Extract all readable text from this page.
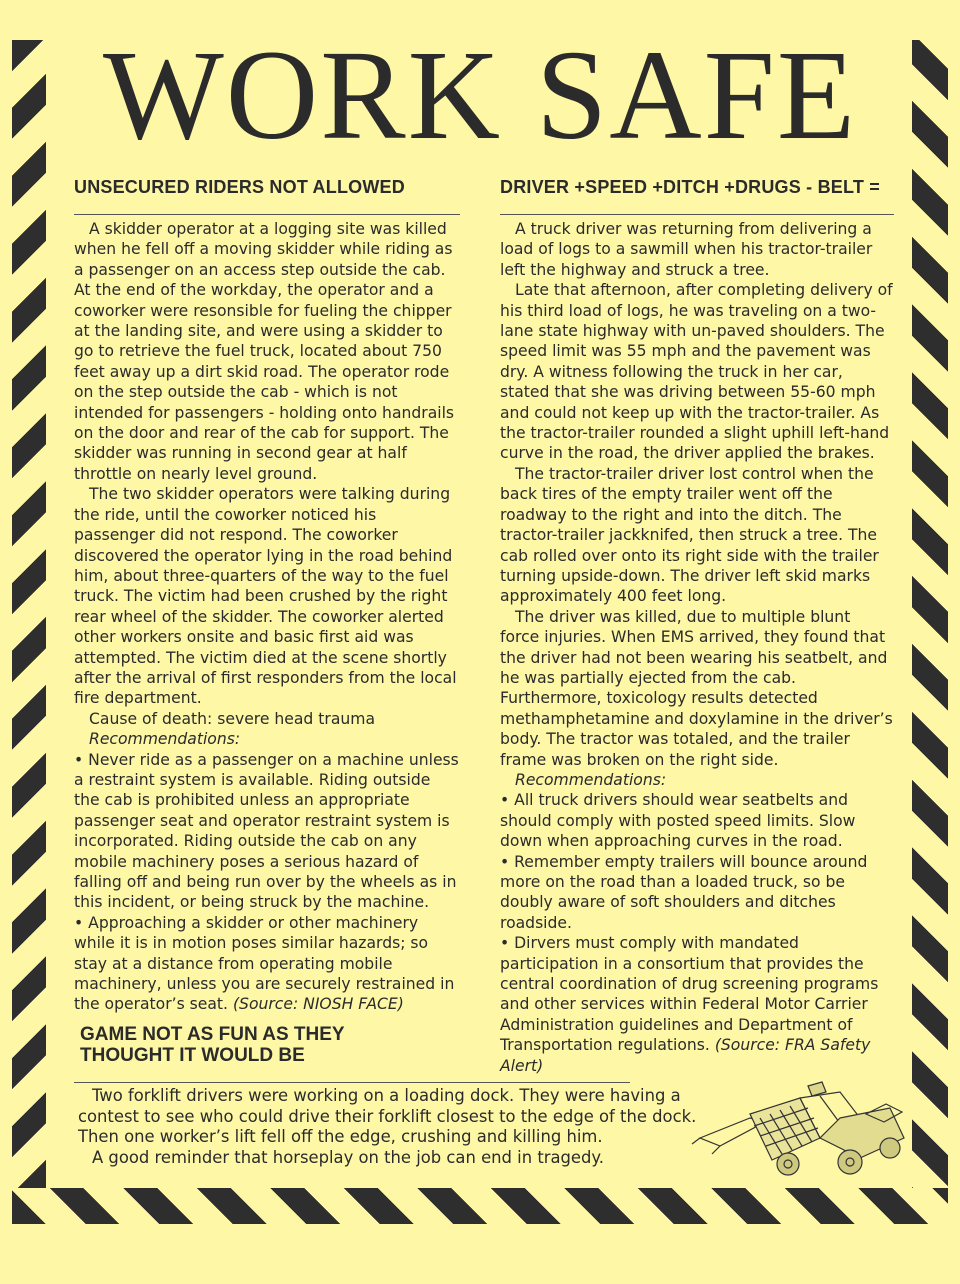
WORK SAFE
UNSECURED RIDERS NOT ALLOWED

A skidder operator at a logging site was killed when he fell off a moving skidder while riding as a passenger on an access step outside the cab. At the end of the workday, the operator and a coworker were resonsible for fueling the chipper at the landing site, and were using a skidder to go to retrieve the fuel truck, located about 750 feet away up a dirt skid road. The operator rode on the step outside the cab - which is not intended for passengers - holding onto handrails on the door and rear of the cab for support. The skidder was running in second gear at half throttle on nearly level ground.

The two skidder operators were talking during the ride, until the coworker noticed his passenger did not respond. The coworker discovered the operator lying in the road behind him, about three-quarters of the way to the fuel truck. The victim had been crushed by the right rear wheel of the skidder. The coworker alerted other workers onsite and basic first aid was attempted. The victim died at the scene shortly after the arrival of first responders from the local fire department.

Cause of death: severe head trauma

Recommendations:

• Never ride as a passenger on a machine unless a restraint system is available. Riding outside the cab is prohibited unless an appropriate passenger seat and operator restraint system is incorporated. Riding outside the cab on any mobile machinery poses a serious hazard of falling off and being run over by the wheels as in this incident, or being struck by the machine.

• Approaching a skidder or other machinery while it is in motion poses similar hazards; so stay at a distance from operating mobile machinery, unless you are securely restrained in the operator’s seat. (Source: NIOSH FACE)

DRIVER +SPEED +DITCH +DRUGS - BELT =

A truck driver was returning from delivering a load of logs to a sawmill when his tractor-trailer left the highway and struck a tree.

Late that afternoon, after completing delivery of his third load of logs, he was traveling on a two-lane state highway with un-paved shoulders. The speed limit was 55 mph and the pavement was dry. A witness following the truck in her car, stated that she was driving between 55-60 mph and could not keep up with the tractor-trailer. As the tractor-trailer rounded a slight uphill left-hand curve in the road, the driver applied the brakes.

The tractor-trailer driver lost control when the back tires of the empty trailer went off the roadway to the right and into the ditch. The tractor-trailer jackknifed, then struck a tree. The cab rolled over onto its right side with the trailer turning upside-down. The driver left skid marks approximately 400 feet long.

The driver was killed, due to multiple blunt force injuries. When EMS arrived, they found that the driver had not been wearing his seatbelt, and he was partially ejected from the cab. Furthermore, toxicology results detected methamphetamine and doxylamine in the driver’s body. The tractor was totaled, and the trailer frame was broken on the right side.

Recommendations:

• All truck drivers should wear seatbelts and should comply with posted speed limits. Slow down when approaching curves in the road.

• Remember empty trailers will bounce around more on the road than a loaded truck, so be doubly aware of soft shoulders and ditches roadside.

• Dirvers must comply with mandated participation in a consortium that provides the central coordination of drug screening programs and other services within Federal Motor Carrier Administration guidelines and Department of Transportation regulations. (Source: FRA Safety Alert)

GAME NOT AS FUN AS THEY
THOUGHT IT WOULD BE

Two forklift drivers were working on a loading dock. They were having a contest to see who could drive their forklift closest to the edge of the dock. Then one worker’s lift fell off the edge, crushing and killing him.

A good reminder that horseplay on the job can end in tragedy.
